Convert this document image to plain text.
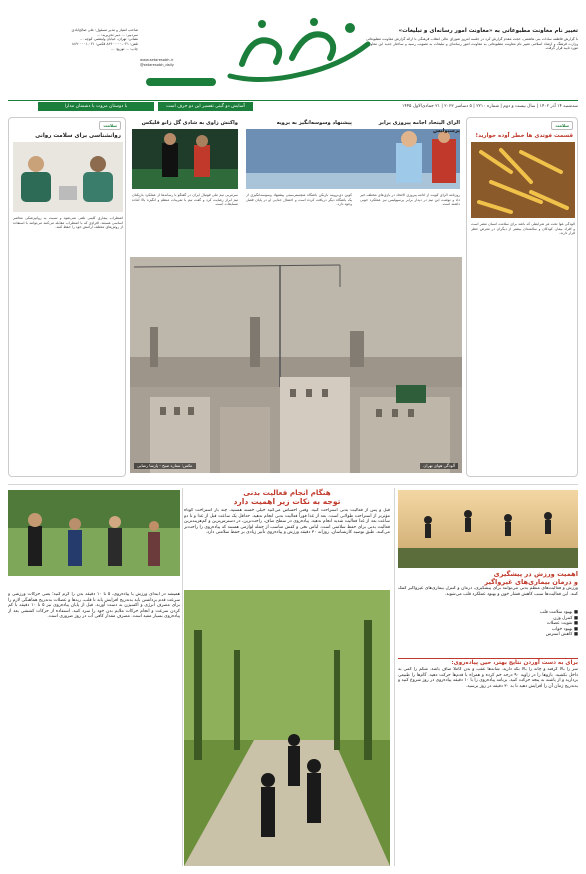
تغییر نام معاونت مطبوعاتی به «معاونت امور رسانه‌ای و تبلیغات»
با گزارش فاطمه سادات بنی هاشمی، حجت مقدم گزارش کرد در جلسه امروز شورای عالی انقلاب فرهنگی با ارائه گزارش معاونت مطبوعاتی وزارت فرهنگ و ارشاد اسلامی تغییر نام معاونت مطبوعاتی به معاونت امور رسانه‌ای و تبلیغات به تصویب رسید و ساختار جدید این معاونت مورد تایید قرار گرفت.
صاحب امتیاز و مدیر مسئول: علی صالح‌آبادی
سردبیر: ... دبیر تحریریه: ...
نشانی: تهران، خیابان ولیعصر، کوچه ...
تلفن: ۰۲۱-۸۸۹۰۰۰۰۰ فکس: ۰۲۱-۸۸۹۰۰۰۰۱
چاپ: ... توزیع: ...
www.setaresobh.ir
@setaresobh_daily
سه‌شنبه ۱۴ آذر ۱۴۰۲ | سال بیست و دوم | شماره ۲۲۱۰ | ۵ دسامبر ۲۰۲۳ | ۲۱ جمادی‌الاول ۱۴۴۵
آسایش دو گیتی تفسیر این دو حرف است
با دوستان مروت با دشمنان مدارا
سلامت
روانشناسی برای سلامت روانی
اضطراب بیماری کلینی تلقی نمی‌شود و نسبت به روانپزشکی معاصر اساسی هستند. افرادی که با اضطراب مقابله می‌کنند می‌توانند با استفاده از روش‌های مختلف آرامش خود را حفظ کنند.
واکنش زاوی به شادی گل زانو فلیکس
سرمربی تیم ملی فوتبال ایران در گفتگو با رسانه‌ها از عملکرد بازیکنان تیم ابراز رضایت کرد و گفت تیم با تمرینات منظم و انگیزه بالا آماده مسابقات است.
پیشنهاد وسوسه‌انگیز به برویه
کوین دی‌بروینه بازیکن باشگاه منچسترسیتی پیشنهاد وسوسه‌انگیزی از یک باشگاه دیگر دریافت کرده است و احتمال جدایی او در پایان فصل وجود دارد.
الرای الیتحاد اجامه پیروزی برابر پرسپولیس
روزنامه الرای کویت از ادامه پیروزی الاتحاد در بازی‌های مختلف خبر داد و نوشت این تیم در دیدار برابر پرسپولیس نیز عملکرد خوبی داشته است.
سلامت
قسمت فوتدی ها خطر آوده خوارید!
آلودگی هوا تحت هر شرایطی که باشد برای سلامت انسان مضر است و افراد بیمار، کودکان و سالمندان بیشتر از دیگران در معرض خطر قرار دارند.
آلودگی هوای تهران
عکس: ستاره صبح - پارسا رضایی
هنگام انجام فعالیت بدنی
توجه به نکات زیر اهمیت دارد
قبل و پس از فعالیت بدنی استراحت کنید. وقتی احساس می‌کنید خیلی خسته هستید، چند بار استراحت کوتاه مؤثرتر از استراحت طولانی است. بعد از غذا فوراً فعالیت بدنی انجام ندهید. حداقل یک ساعت قبل از غذا و تا دو ساعت بعد از غذا فعالیت شدید انجام ندهید. پیاده‌روی در سطح صاف، راحت‌ترین، در دسترس‌ترین و کم‌هزینه‌ترین فعالیت بدنی برای حفظ سلامتی است. لباس نخی و کفش مناسب از جمله لوازمی هستند که پیاده‌روی را راحت‌تر می‌کنند. طبق توصیه کارشناسان، روزانه ۳۰ دقیقه ورزش و پیاده‌روی تأثیر زیادی بر حفظ سلامتی دارد.
اهمیت ورزش در پیشگیری
و درمان بیماری‌های غیرواگیر
ورزش و فعالیت‌های منظم بدنی می‌توانند برای پیشگیری، درمان و کنترل بیماری‌های غیرواگیر کمک کنند. این فعالیت‌ها سبب کاهش فشار خون و بهبود عملکرد قلب می‌شوند.
■ بهبود سلامت قلب
■ کنترل وزن
■ تقویت عضلات
■ بهبود خواب
■ کاهش استرس
همیشه در ابتدای ورزش یا پیاده‌روی، ۵ تا ۱۰ دقیقه بدن را گرم کنید؛ یعنی حرکات ورزشی و سرعت قدم برداشتن باید به‌تدریج افزایش یابد تا قلب، ریه‌ها و عضلات به‌تدریج هماهنگی لازم را برای مصرف انرژی و اکسیژن به دست آورند. قبل از پایان پیاده‌روی نیز ۵ تا ۱۰ دقیقه با کم کردن سرعت و انجام حرکات ملایم بدن خود را سرد کنید. استفاده از حرکات کششی بعد از پیاده‌روی بسیار مفید است. مصرف مقدار کافی آب در روز ضروری است.
برای به دست آوردن نتایج بهتر، حین پیاده‌روی:
سر را بالا گرفته و چانه را بالا نگه دارید. شانه‌ها عقب و بدن کاملاً صاف باشد. شکم را کمی به داخل بکشید. بازوها را در زاویه ۹۰ درجه خم کرده و همراه با قدم‌ها حرکت دهید. گام‌ها را طبیعی بردارید و از پاشنه به پنجه حرکت کنید. برنامه پیاده‌روی را با ۱۰ دقیقه پیاده‌روی در روز شروع کنید و به‌تدریج زمان آن را افزایش دهید تا به ۳۰ دقیقه در روز برسید.
